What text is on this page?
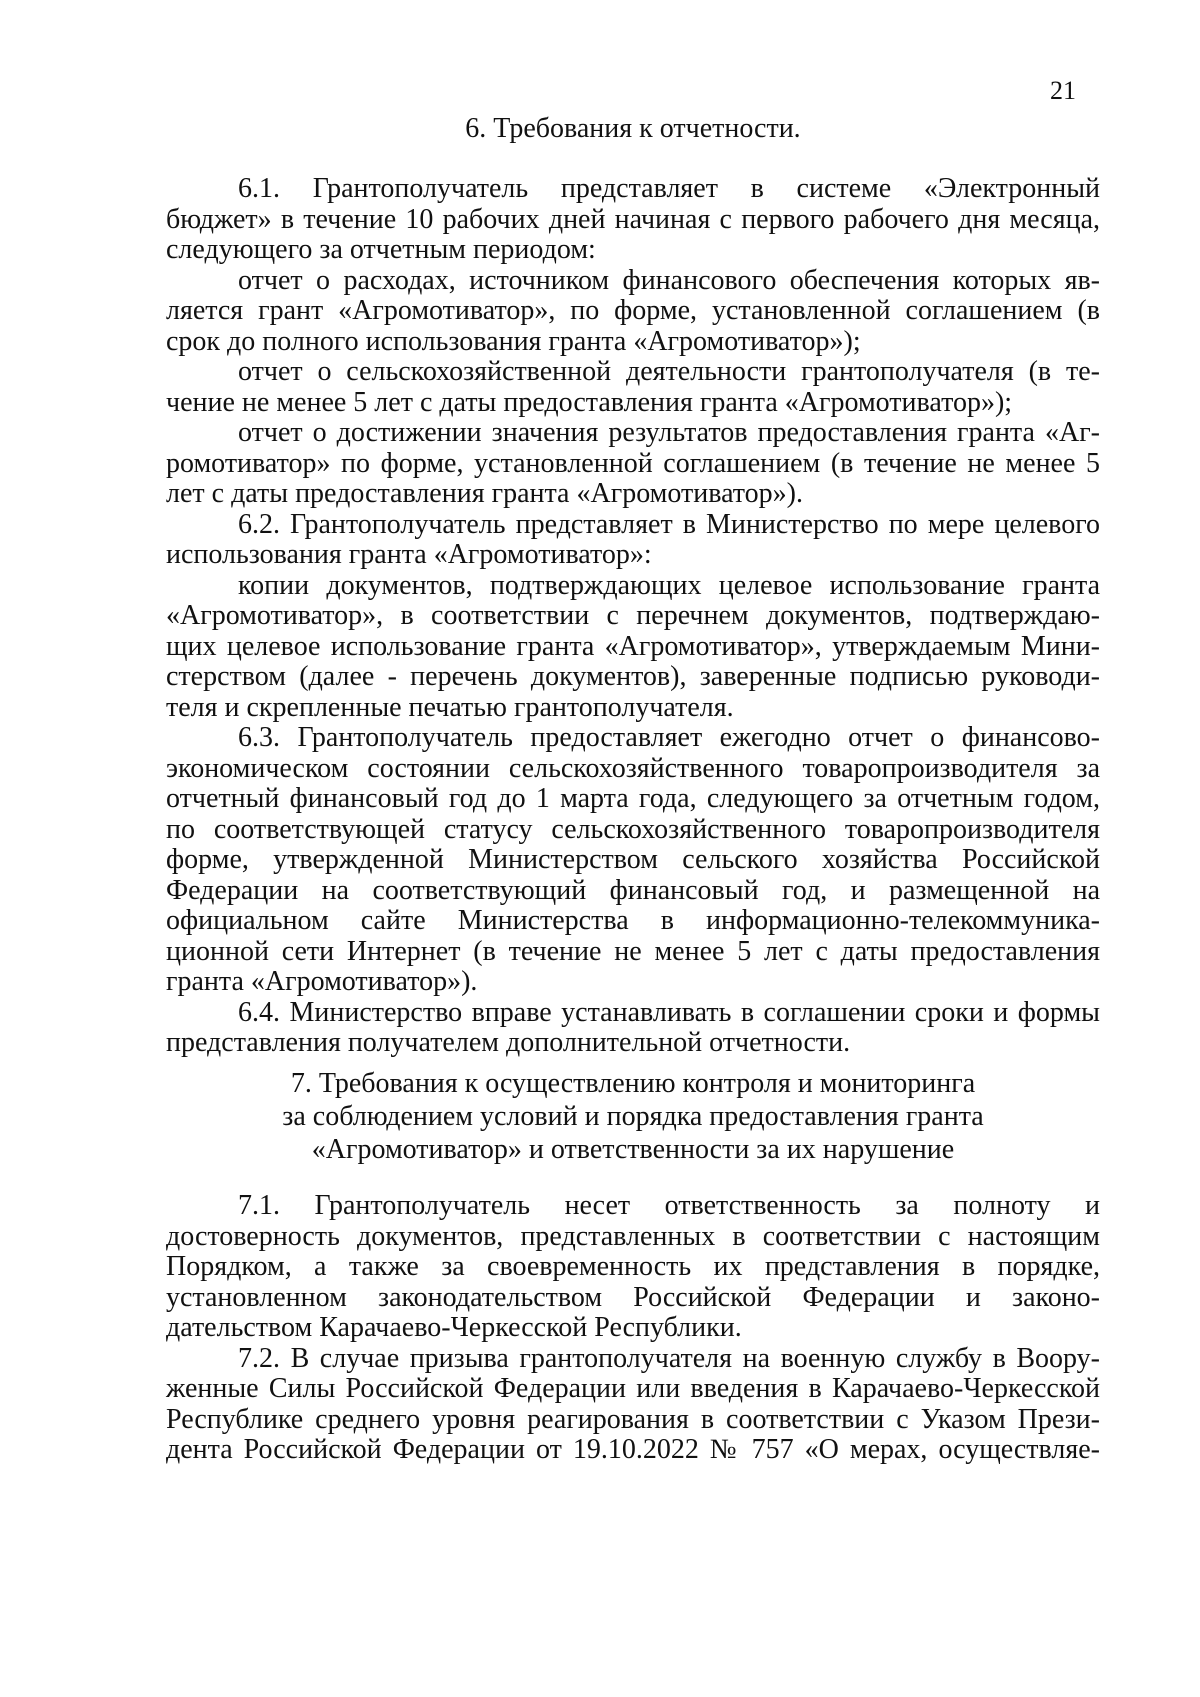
21
6. Требования к отчетности.

6.1. Грантополучатель представляет в системе «Электронный
бюджет» в течение 10 рабочих дней начиная с первого рабочего дня месяца,
следующего за отчетным периодом:

отчет о расходах, источником финансового обеспечения которых яв-
ляется грант «Агромотиватор», по форме, установленной соглашением (в
срок до полного использования гранта «Агромотиватор»);

отчет о сельскохозяйственной деятельности грантополучателя (в те-
чение не менее 5 лет с даты предоставления гранта «Агромотиватор»);

отчет о достижении значения результатов предоставления гранта «Аг-
ромотиватор» по форме, установленной соглашением (в течение не менее 5
лет с даты предоставления гранта «Агромотиватор»).

6.2. Грантополучатель представляет в Министерство по мере целевого
использования гранта «Агромотиватор»:

копии документов, подтверждающих целевое использование гранта
«Агромотиватор», в соответствии с перечнем документов, подтверждаю-
щих целевое использование гранта «Агромотиватор», утверждаемым Мини-
стерством (далее - перечень документов), заверенные подписью руководи-
теля и скрепленные печатью грантополучателя.

6.3. Грантополучатель предоставляет ежегодно отчет о финансово-
экономическом состоянии сельскохозяйственного товаропроизводителя за
отчетный финансовый год до 1 марта года, следующего за отчетным годом,
по соответствующей статусу сельскохозяйственного товаропроизводителя
форме, утвержденной Министерством сельского хозяйства Российской
Федерации на соответствующий финансовый год, и размещенной на
официальном сайте Министерства в информационно-телекоммуника-
ционной сети Интернет (в течение не менее 5 лет с даты предоставления
гранта «Агромотиватор»).

6.4. Министерство вправе устанавливать в соглашении сроки и формы
представления получателем дополнительной отчетности.

7. Требования к осуществлению контроля и мониторинга
за соблюдением условий и порядка предоставления гранта
«Агромотиватор» и ответственности за их нарушение

7.1. Грантополучатель несет ответственность за полноту и
достоверность документов, представленных в соответствии с настоящим
Порядком, а также за своевременность их представления в порядке,
установленном законодательством Российской Федерации и законо-
дательством Карачаево-Черкесской Республики.

7.2. В случае призыва грантополучателя на военную службу в Воору-
женные Силы Российской Федерации или введения в Карачаево-Черкесской
Республике среднего уровня реагирования в соответствии с Указом Прези-
дента Российской Федерации от 19.10.2022 № 757 «О мерах, осуществляе-
